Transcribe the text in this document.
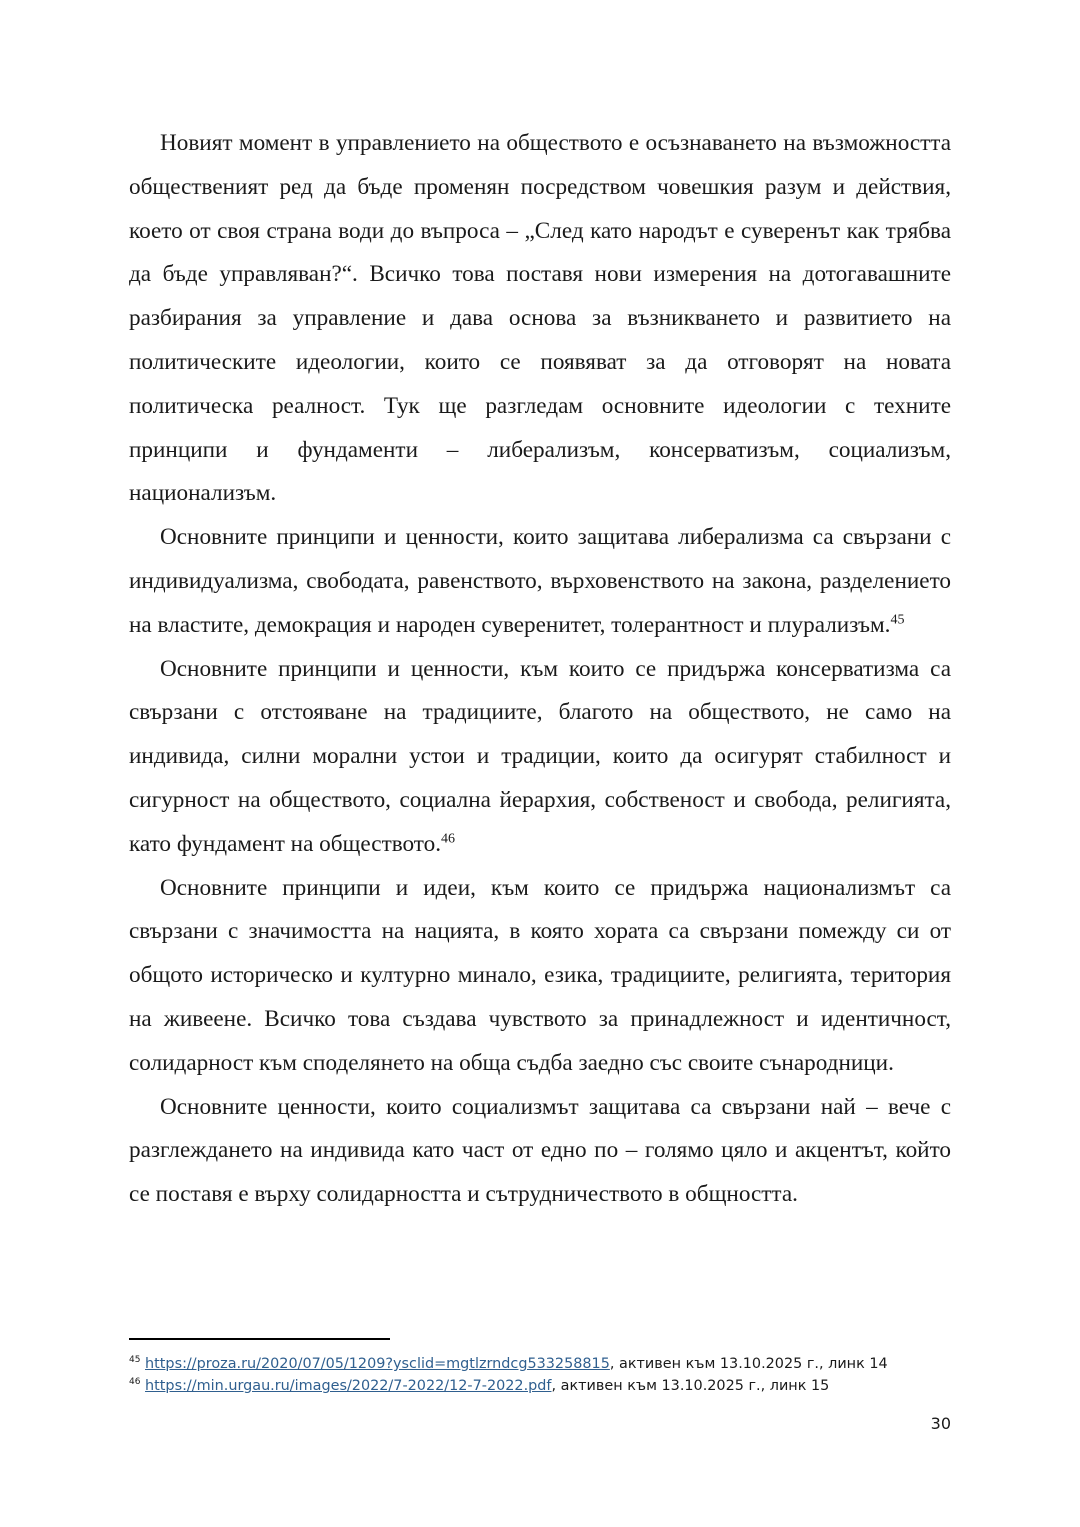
Новият момент в управлението на обществото е осъзнаването на възможността общественият ред да бъде променян посредством човешкия разум и действия, което от своя страна води до въпроса – „След като народът е суверенът как трябва да бъде управляван?“. Всичко това поставя нови измерения на дотогавашните разбирания за управление и дава основа за възникването и развитието на политическите идеологии, които се появяват за да отговорят на новата политическа реалност. Тук ще разгледам основните идеологии с техните принципи и фундаменти – либерализъм, консерватизъм, социализъм, национализъм.

Основните принципи и ценности, които защитава либерализма са свързани с индивидуализма, свободата, равенството, върховенството на закона, разделението на властите, демокрация и народен суверенитет, толерантност и плурализъм.$^{45}$

Основните принципи и ценности, към които се придържа консерватизма са свързани с отстояване на традициите, благото на обществото, не само на индивида, силни морални устои и традиции, които да осигурят стабилност и сигурност на обществото, социална йерархия, собственост и свобода, религията, като фундамент на обществото.$^{46}$

Основните принципи и идеи, към които се придържа национализмът са свързани с значимостта на нацията, в която хората са свързани помежду си от общото историческо и културно минало, езика, традициите, религията, територия на живеене. Всичко това създава чувството за принадлежност и идентичност, солидарност към споделянето на обща съдба заедно със своите сънародници.

Основните ценности, които социализмът защитава са свързани най – вече с разглеждането на индивида като част от едно по – голямо цяло и акцентът, който се поставя е върху солидарността и сътрудничеството в общността.

$^{45}$ https://proza.ru/2020/07/05/1209?ysclid=mgtlzrndcg533258815, активен към 13.10.2025 г., линк 14

$^{46}$ https://min.urgau.ru/images/2022/7-2022/12-7-2022.pdf, активен към 13.10.2025 г., линк 15

30
